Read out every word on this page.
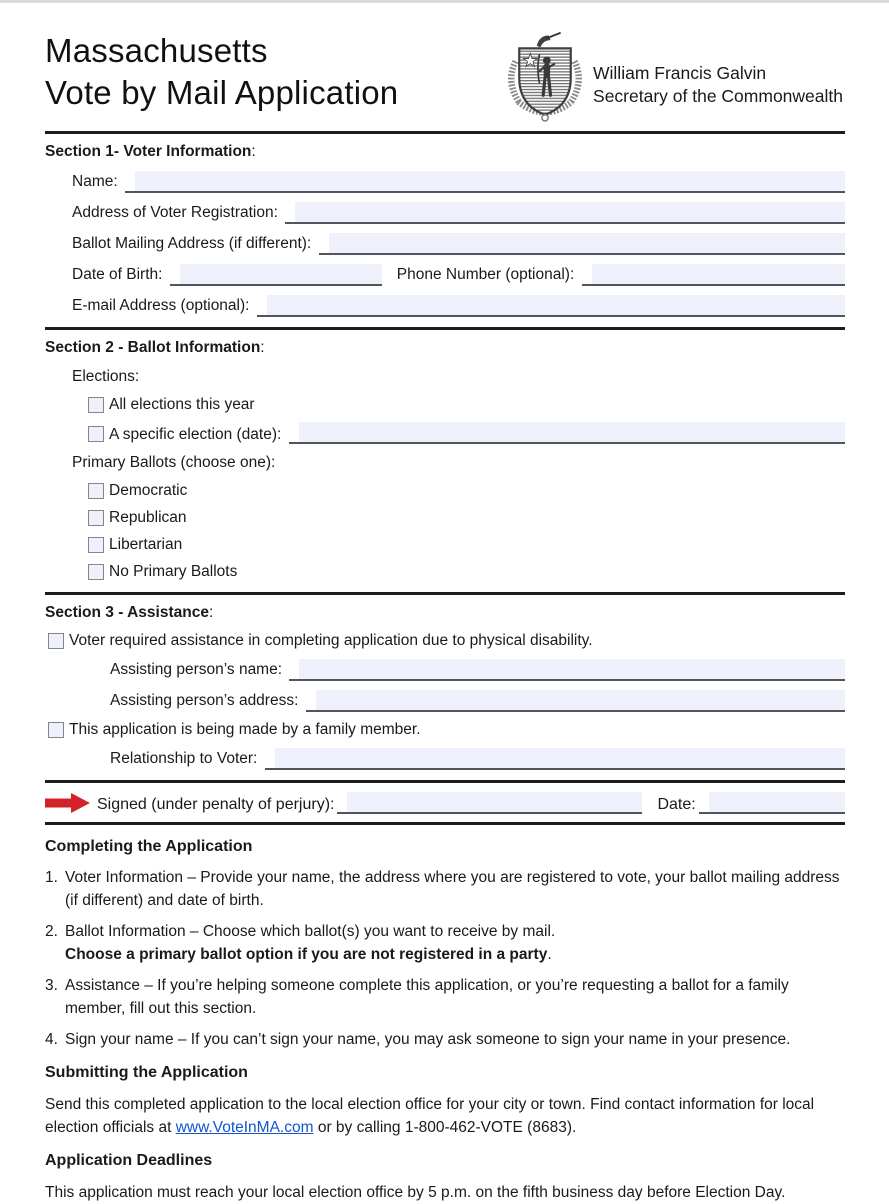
Massachusetts
Vote by Mail Application
William Francis Galvin
Secretary of the Commonwealth
Section 1- Voter Information:
Name:
Address of Voter Registration:
Ballot Mailing Address (if different):
Date of Birth:	Phone Number (optional):
E-mail Address (optional):
Section 2 - Ballot Information:
Elections:
All elections this year
A specific election (date):
Primary Ballots (choose one):
Democratic
Republican
Libertarian
No Primary Ballots
Section 3 - Assistance:
Voter required assistance in completing application due to physical disability.
Assisting person’s name:
Assisting person’s address:
This application is being made by a family member.
Relationship to Voter:
Signed (under penalty of perjury):	Date:
Completing the Application
1. Voter Information – Provide your name, the address where you are registered to vote, your ballot mailing address (if different) and date of birth.
2. Ballot Information – Choose which ballot(s) you want to receive by mail.
Choose a primary ballot option if you are not registered in a party.
3. Assistance – If you’re helping someone complete this application, or you’re requesting a ballot for a family member, fill out this section.
4. Sign your name – If you can’t sign your name, you may ask someone to sign your name in your presence.
Submitting the Application
Send this completed application to the local election office for your city or town. Find contact information for local election officials at www.VoteInMA.com or by calling 1-800-462-VOTE (8683).
Application Deadlines
This application must reach your local election office by 5 p.m. on the fifth business day before Election Day.
